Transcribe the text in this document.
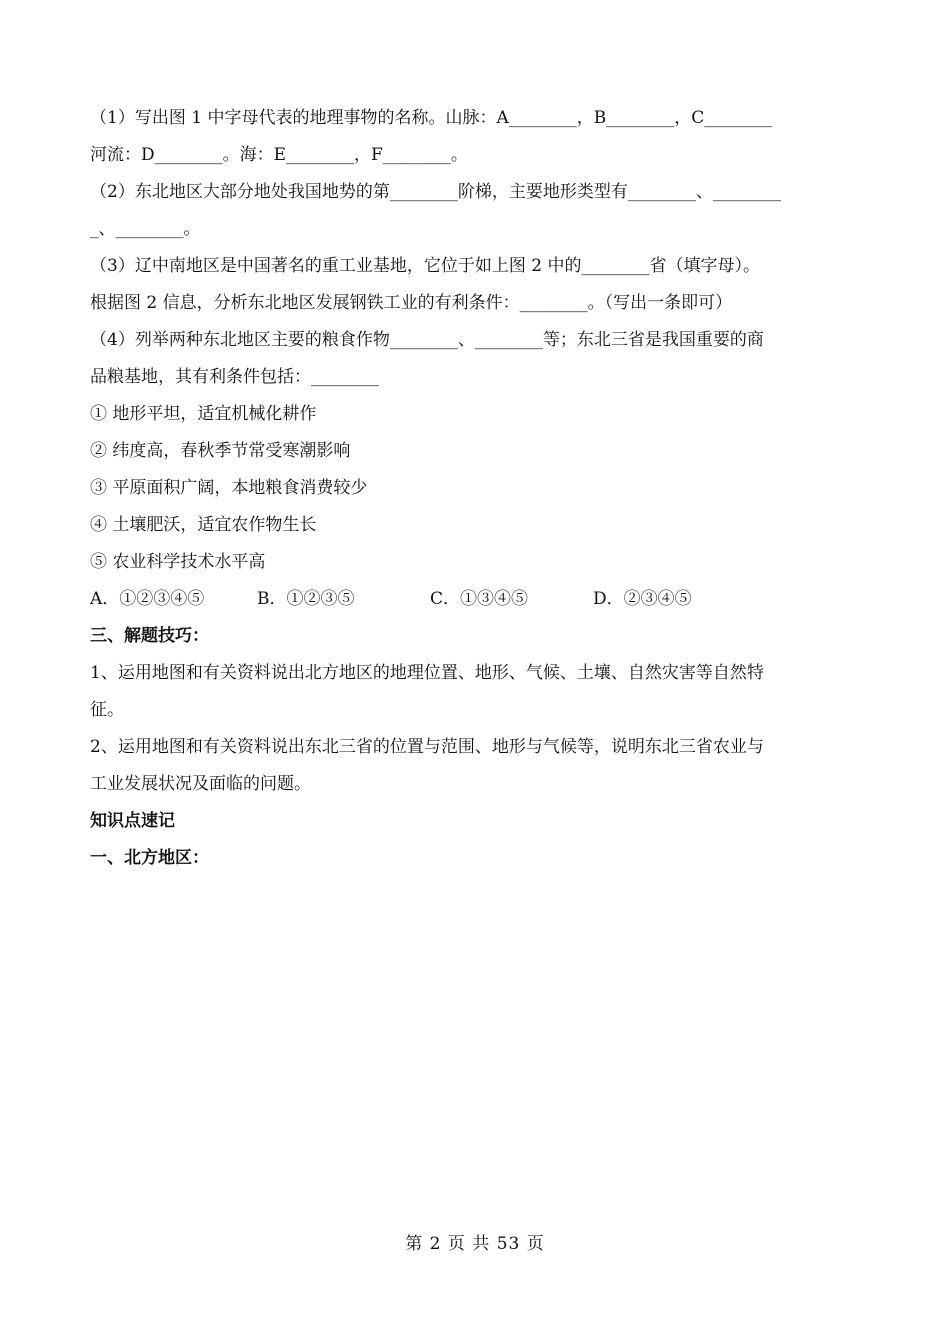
（1）写出图 1 中字母代表的地理事物的名称。山脉：A________，B________，C________
河流：D________。海：E________，F________。
（2）东北地区大部分地处我国地势的第________阶梯，主要地形类型有________、________
_、________。
（3）辽中南地区是中国著名的重工业基地，它位于如上图 2 中的________省（填字母）。
根据图 2 信息，分析东北地区发展钢铁工业的有利条件：________。（写出一条即可）
（4）列举两种东北地区主要的粮食作物________、________等；东北三省是我国重要的商
品粮基地，其有利条件包括：________
① 地形平坦，适宜机械化耕作
② 纬度高，春秋季节常受寒潮影响
③ 平原面积广阔，本地粮食消费较少
④ 土壤肥沃，适宜农作物生长
⑤ 农业科学技术水平高
A．①②③④⑤	B．①②③⑤	C．①③④⑤	D．②③④⑤
三、解题技巧：
1、运用地图和有关资料说出北方地区的地理位置、地形、气候、土壤、自然灾害等自然特
征。
2、运用地图和有关资料说出东北三省的位置与范围、地形与气候等，说明东北三省农业与
工业发展状况及面临的问题。
知识点速记
一、北方地区：
第 2 页 共 53 页
